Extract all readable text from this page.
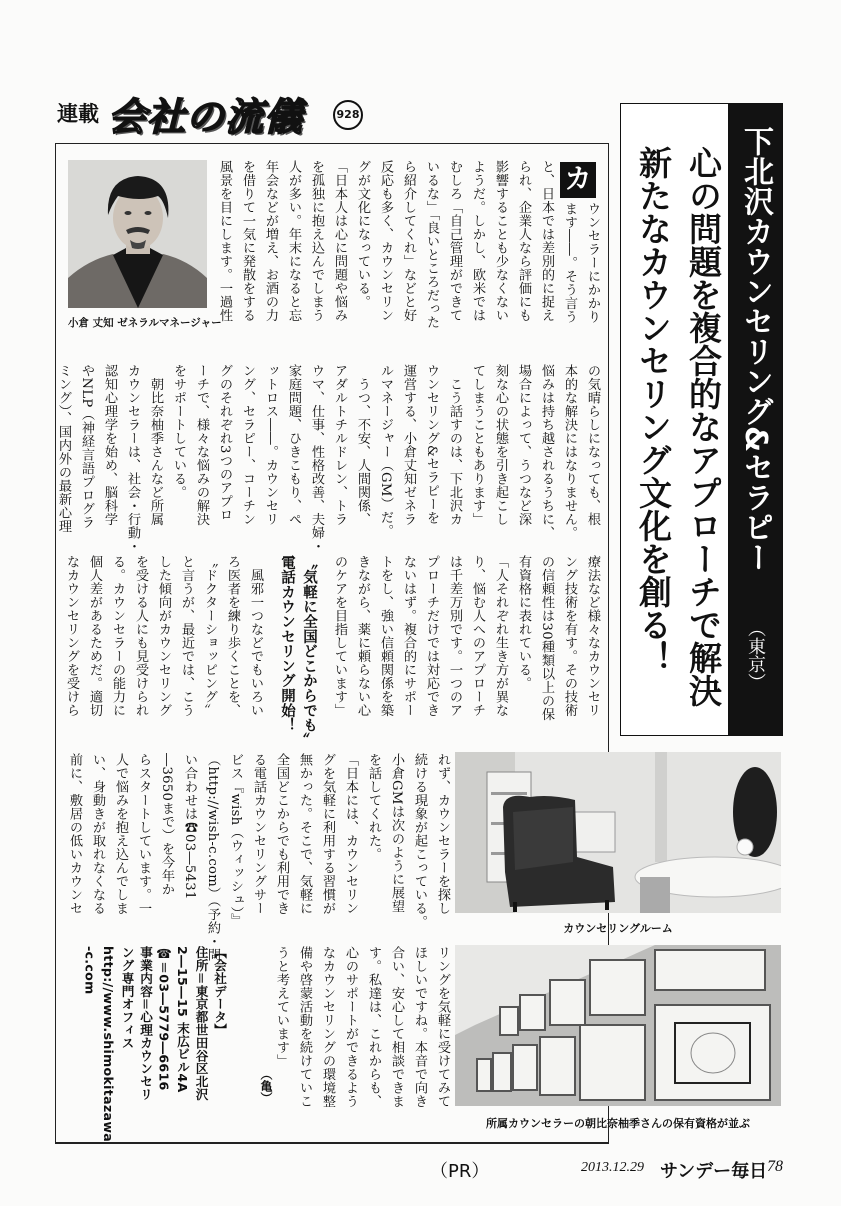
連載 会社の流儀	928
小倉 丈知 ゼネラルマネージャー
カ
ウンセラーにかかり
ます――。そう言う
と、日本では差別的に捉え
られ、企業人なら評価にも
影響することも少なくない
ようだ。しかし、欧米では
むしろ「自己管理ができて
いるな」「良いところだった
ら紹介してくれ」などと好
反応も多く、カウンセリン
グが文化になっている。
「日本人は心に問題や悩み
を孤独に抱え込んでしまう
人が多い。年末になると忘
年会などが増え、お酒の力
を借りて一気に発散をする
風景を目にします。一過性
の気晴らしになっても、根
本的な解決にはなりません。
悩みは持ち越されるうちに、
場合によって、うつなど深
刻な心の状態を引き起こし
てしまうこともあります」
　こう話すのは、下北沢カ
ウンセリング&セラピーを
運営する、小倉丈知ゼネラ
ルマネージャー（GM）だ。
　うつ、不安、人間関係、
アダルトチルドレン、トラ
ウマ、仕事、性格改善、夫婦・
家庭問題、ひきこもり、ペ
ットロス――。カウンセリ
ング、セラピー、コーチン
グのそれぞれ3つのアプロ
ーチで、様々な悩みの解決
をサポートしている。
　朝比奈柚季さんなど所属
カウンセラーは、社会・行動・
認知心理学を始め、脳科学
やNLP（神経言語プログラ
ミング）、国内外の最新心理
療法など様々なカウンセリ
ング技術を有す。その技術
の信頼性は30種類以上の保
有資格に表れている。
「人それぞれ生き方が異な
り、悩む人へのアプローチ
は千差万別です。一つのア
プローチだけでは対応でき
ないはず。複合的にサポー
トをし、強い信頼関係を築
きながら、薬に頼らない心
のケアを目指しています」
〝気軽に全国どこからでも〟
電話カウンセリング開始！
　風邪一つなどでもいろい
ろ医者を練り歩くことを、
〝ドクターショッピング〟
と言うが、最近では、こう
した傾向がカウンセリング
を受ける人にも見受けられ
る。カウンセラーの能力に
個人差があるためだ。適切
なカウンセリングを受けら
れず、カウンセラーを探し
続ける現象が起こっている。
小倉GMは次のように展望
を話してくれた。
「日本には、カウンセリン
グを気軽に利用する習慣が
無かった。そこで、気軽に
全国どこからでも利用でき
る電話カウンセリングサー
ビス『wish（ウィッシュ）』
（http://wish-c.com）（予約・問
い合わせは☎03―5431
―3650まで）を今年か
らスタートしています。一
人で悩みを抱え込んでしま
い、身動きが取れなくなる
前に、敷居の低いカウンセ
リングを気軽に受けてみて
ほしいですね。本音で向き
合い、安心して相談できま
す。私達は、これからも、
心のサポートができるよう
なカウンセリングの環境整
備や啓蒙活動を続けていこ
うと考えています」
【会社データ】
住所＝東京都世田谷区北沢
2―15―15 末広ビル4A
☎＝03―5779―6616
事業内容＝心理カウンセリ
ング専門オフィス
http://www.shimokitazawa
-c.com
（亀）
下北沢カウンセリング&セラピー
（東京）
心の問題を複合的なアプローチで解決
新たなカウンセリング文化を創る！
カウンセリングルーム
所属カウンセラーの朝比奈柚季さんの保有資格が並ぶ
（PR）	2013.12.29 サンデー毎日 78
